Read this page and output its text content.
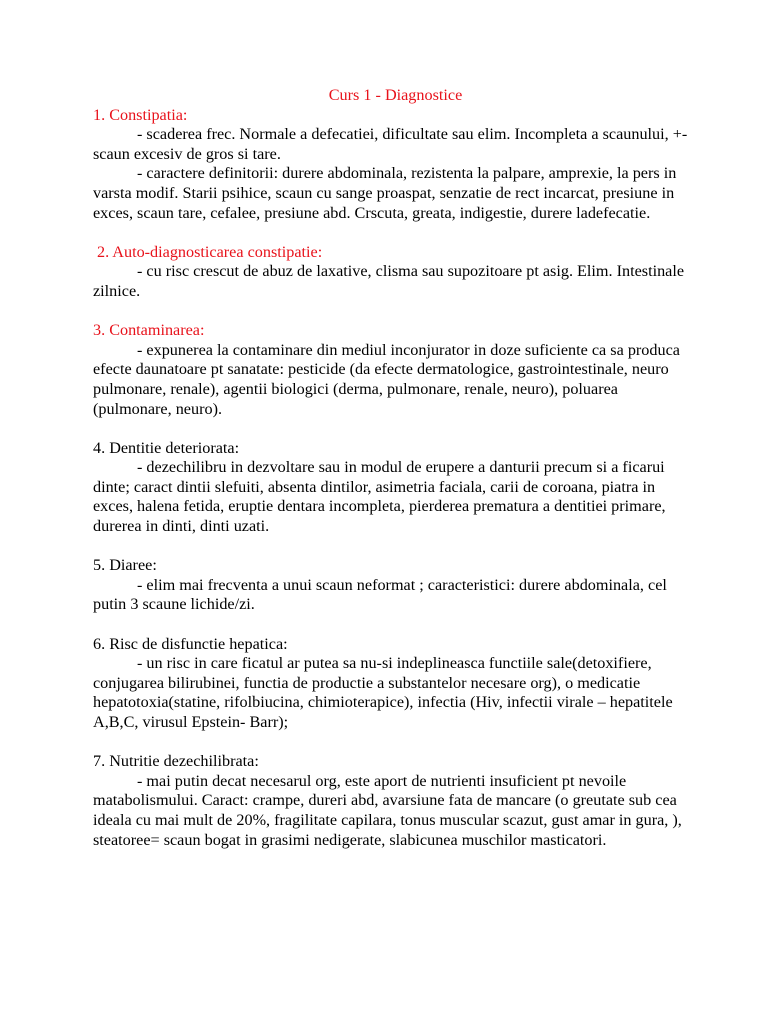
Curs 1 - Diagnostice
1. Constipatia:

- scaderea frec. Normale a defecatiei, dificultate sau elim. Incompleta a scaunului, +- scaun excesiv de gros si tare.

- caractere definitorii: durere abdominala, rezistenta la palpare, amprexie, la pers in varsta modif. Starii psihice, scaun cu sange proaspat, senzatie de rect incarcat, presiune in exces, scaun tare, cefalee, presiune abd. Crscuta, greata, indigestie, durere ladefecatie.

2. Auto-diagnosticarea constipatie:

- cu risc crescut de abuz de laxative, clisma sau supozitoare pt asig. Elim. Intestinale zilnice.

3. Contaminarea:

- expunerea la contaminare din mediul inconjurator in doze suficiente ca sa produca efecte daunatoare pt sanatate: pesticide (da efecte dermatologice, gastrointestinale, neuro pulmonare, renale), agentii biologici (derma, pulmonare, renale, neuro), poluarea (pulmonare, neuro).

4. Dentitie deteriorata:

- dezechilibru in dezvoltare sau in modul de erupere a danturii precum si a ficarui dinte; caract dintii slefuiti, absenta dintilor, asimetria faciala, carii de coroana, piatra in exces, halena fetida, eruptie dentara incompleta, pierderea prematura a dentitiei primare, durerea in dinti, dinti uzati.

5. Diaree:

- elim mai frecventa a unui scaun neformat ; caracteristici: durere abdominala, cel putin 3 scaune lichide/zi.

6. Risc de disfunctie hepatica:

- un risc in care ficatul ar putea sa nu-si indeplineasca functiile sale(detoxifiere, conjugarea bilirubinei, functia de productie a substantelor necesare org), o medicatie hepatotoxia(statine, rifolbiucina, chimioterapice), infectia (Hiv, infectii virale – hepatitele A,B,C, virusul Epstein- Barr);

7. Nutritie dezechilibrata:

- mai putin decat necesarul org, este aport de nutrienti insuficient pt nevoile matabolismului. Caract: crampe, dureri abd, avarsiune fata de mancare (o greutate sub cea ideala cu mai mult de 20%, fragilitate capilara, tonus muscular scazut, gust amar in gura, ), steatoree= scaun bogat in grasimi nedigerate, slabicunea muschilor masticatori.
